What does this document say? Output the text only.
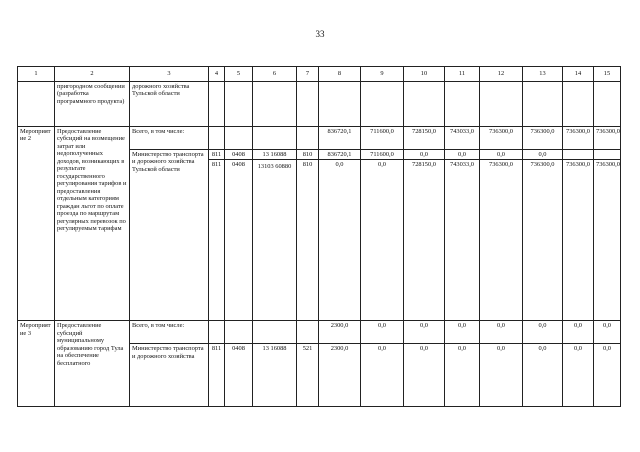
33
1	2	3	4	5	6	7	8	9	10	11	12	13	14	15
	пригородном сообщении (разработка программного продукта)	дорожного хозяйства Тульской области												
Мероприятие 2	Предоставление субсидий на возмещение затрат или недополученных доходов, возникающих в результате государственного регулирования тарифов и предоставления отдельным категориям граждан льгот по оплате проезда по маршрутам регулярных перевозок по регулируемым тарифам	Всего, в том числе:					836720,1	711600,0	728150,0	743033,0	736300,0	736300,0	736300,0	736300,0
		Министерство транспорта и дорожного хозяйства Тульской области	811	0408	13 16088	810	836720,1	711600,0	0,0	0,0	0,0	0,0		
			811	0408	13103 60880	810	0,0	0,0	728150,0	743033,0	736300,0	736300,0	736300,0	736300,0
Мероприятие 3	Предоставление субсидий муниципальному образованию город Тула на обеспечение бесплатного	Всего, в том числе:					2300,0	0,0	0,0	0,0	0,0	0,0	0,0	0,0
		Министерство транспорта и дорожного хозяйства	811	0408	13 16088	521	2300,0	0,0	0,0	0,0	0,0	0,0	0,0	0,0
